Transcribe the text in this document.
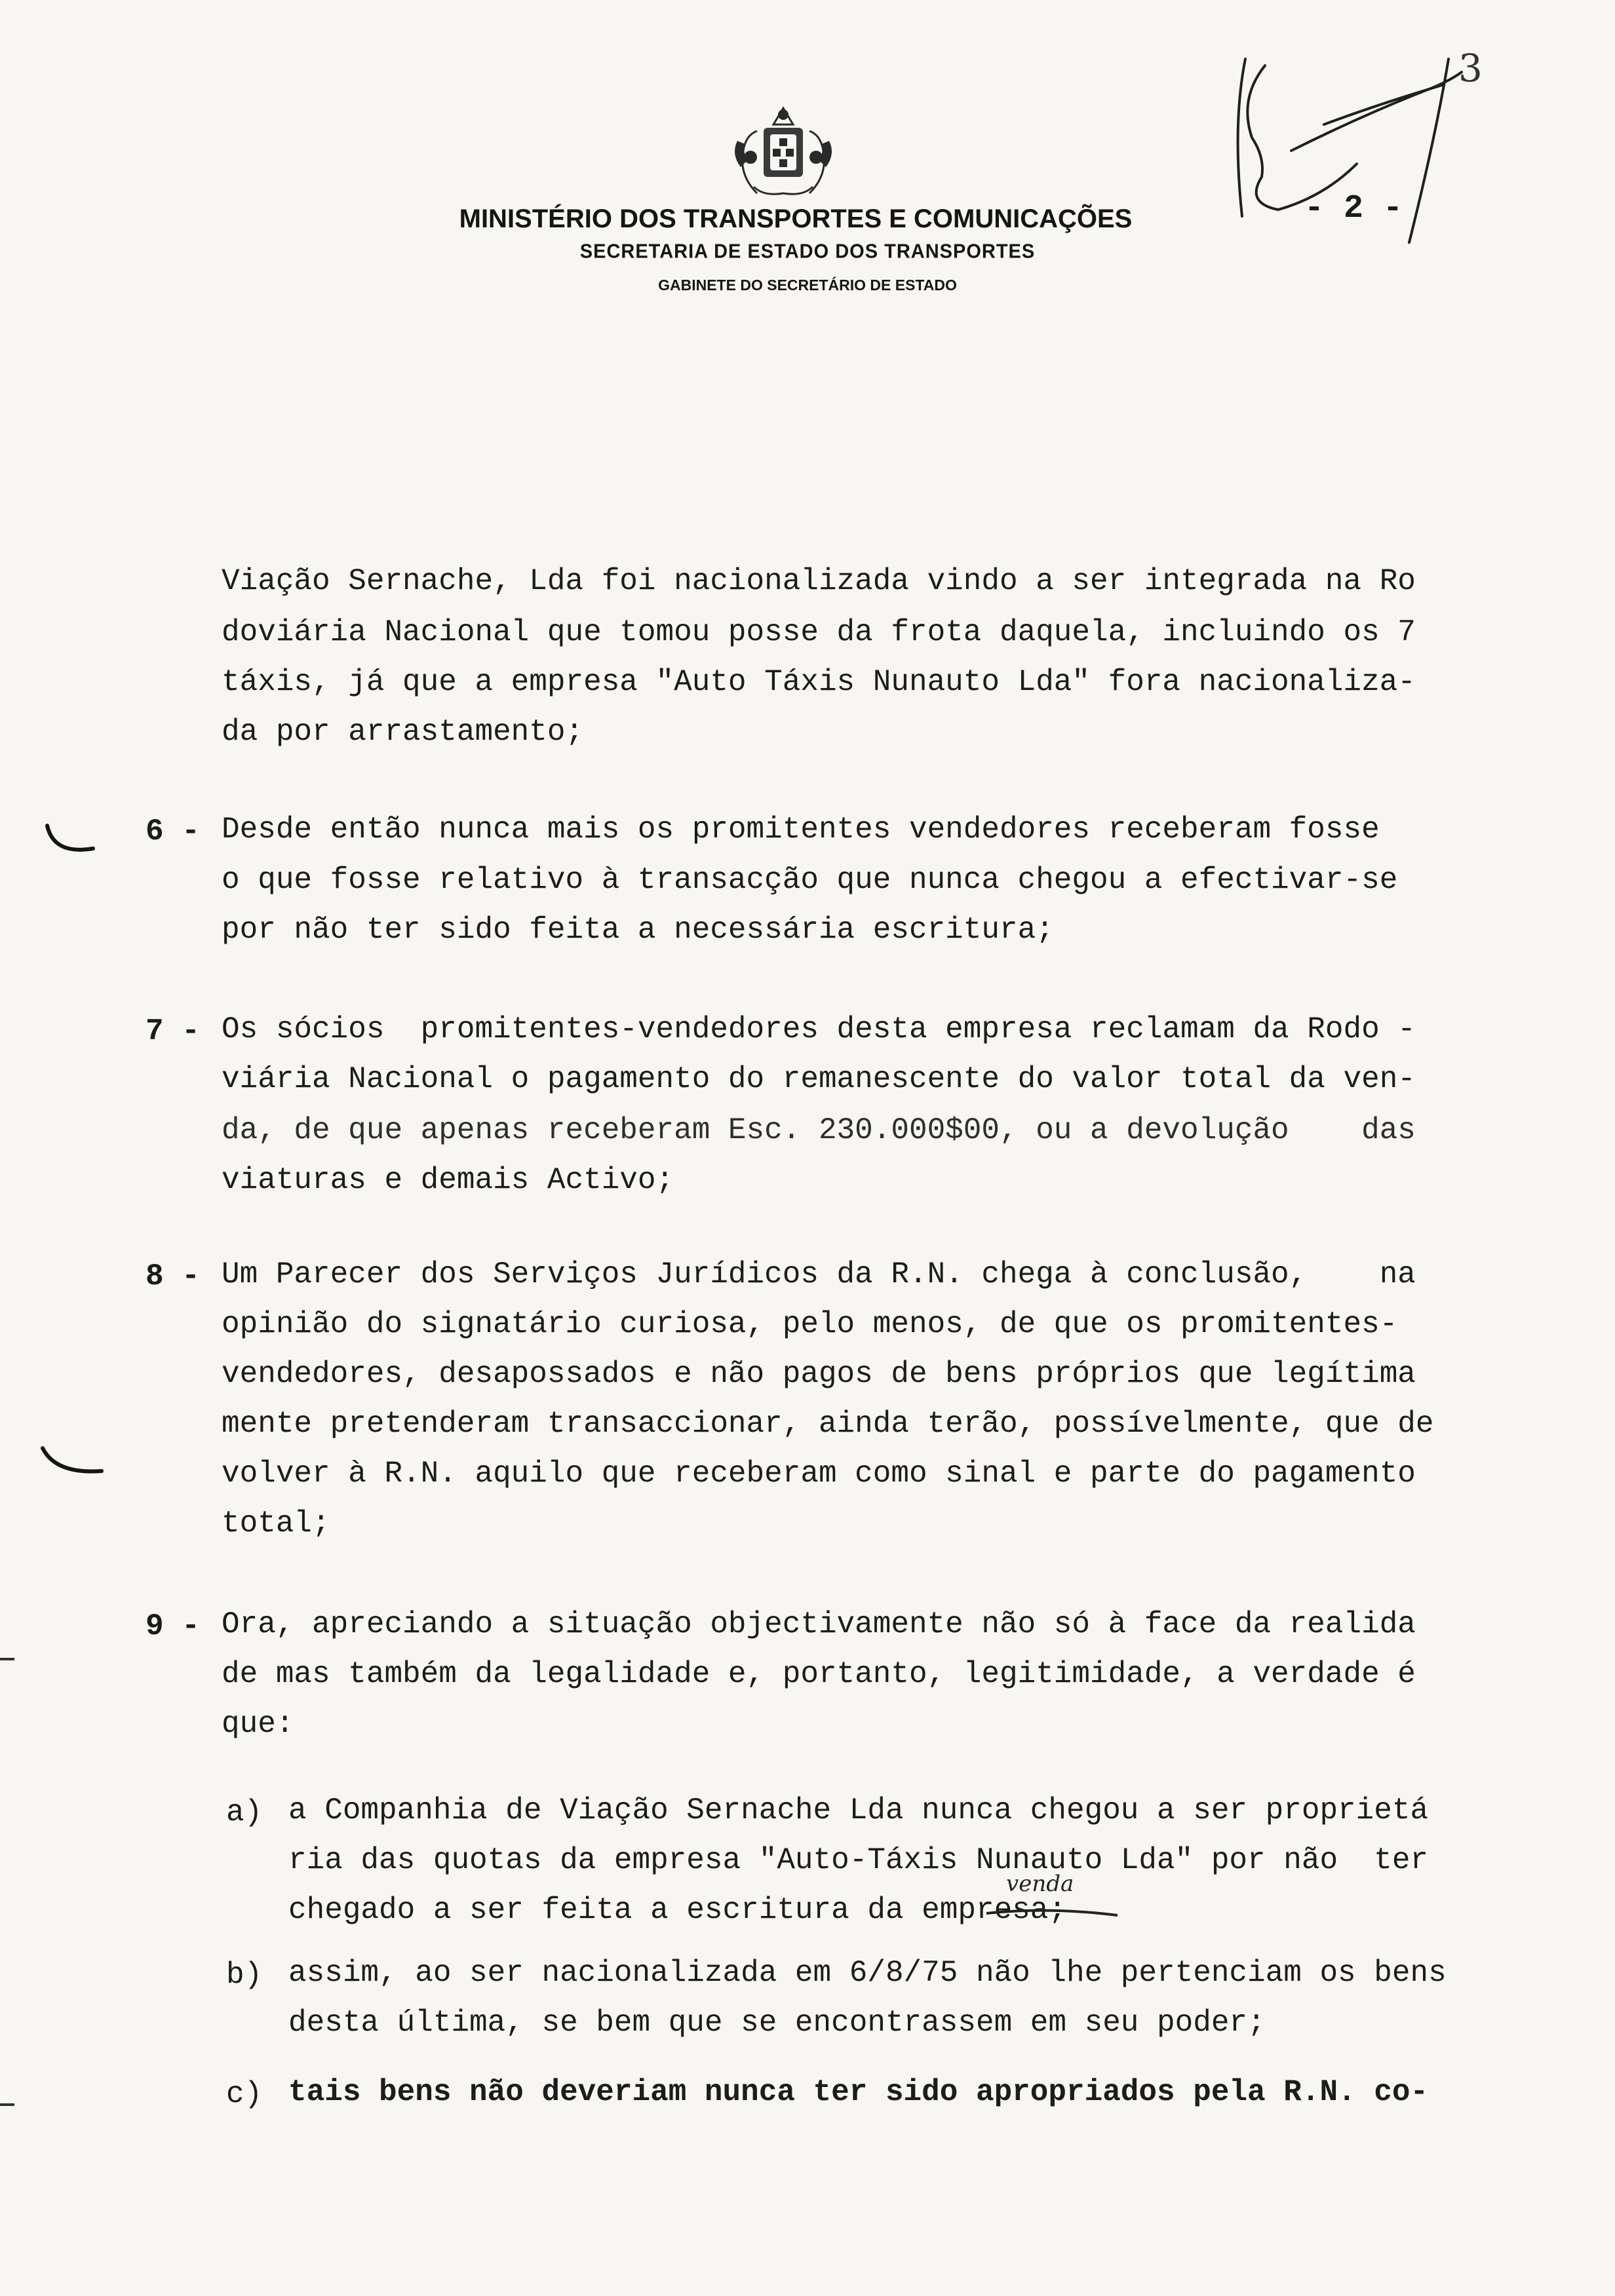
MINISTÉRIO DOS TRANSPORTES E COMUNICAÇÕES
SECRETARIA DE ESTADO DOS TRANSPORTES
GABINETE DO SECRETÁRIO DE ESTADO
3
- 2 -
Viação Sernache, Lda foi nacionalizada vindo a ser integrada na Ro
doviária Nacional que tomou posse da frota daquela, incluindo os 7
táxis, já que a empresa "Auto Táxis Nunauto Lda" fora nacionaliza-
da por arrastamento;
6 - Desde então nunca mais os promitentes vendedores receberam fosse
o que fosse relativo à transacção que nunca chegou a efectivar-se
por não ter sido feita a necessária escritura;
7 - Os sócios  promitentes-vendedores desta empresa reclamam da Rodo -
viária Nacional o pagamento do remanescente do valor total da ven-
da, de que apenas receberam Esc. 230.000$00, ou a devolução    das
viaturas e demais Activo;
8 - Um Parecer dos Serviços Jurídicos da R.N. chega à conclusão,    na
opinião do signatário curiosa, pelo menos, de que os promitentes-
vendedores, desapossados e não pagos de bens próprios que legítima
mente pretenderam transaccionar, ainda terão, possívelmente, que de
volver à R.N. aquilo que receberam como sinal e parte do pagamento
total;
9 - Ora, apreciando a situação objectivamente não só à face da realida
de mas também da legalidade e, portanto, legitimidade, a verdade é
que:
a) a Companhia de Viação Sernache Lda nunca chegou a ser proprietá
ria das quotas da empresa "Auto-Táxis Nunauto Lda" por não  ter
chegado a ser feita a escritura da empresa;
venda
b) assim, ao ser nacionalizada em 6/8/75 não lhe pertenciam os bens
desta última, se bem que se encontrassem em seu poder;
c) tais bens não deveriam nunca ter sido apropriados pela R.N. co-
